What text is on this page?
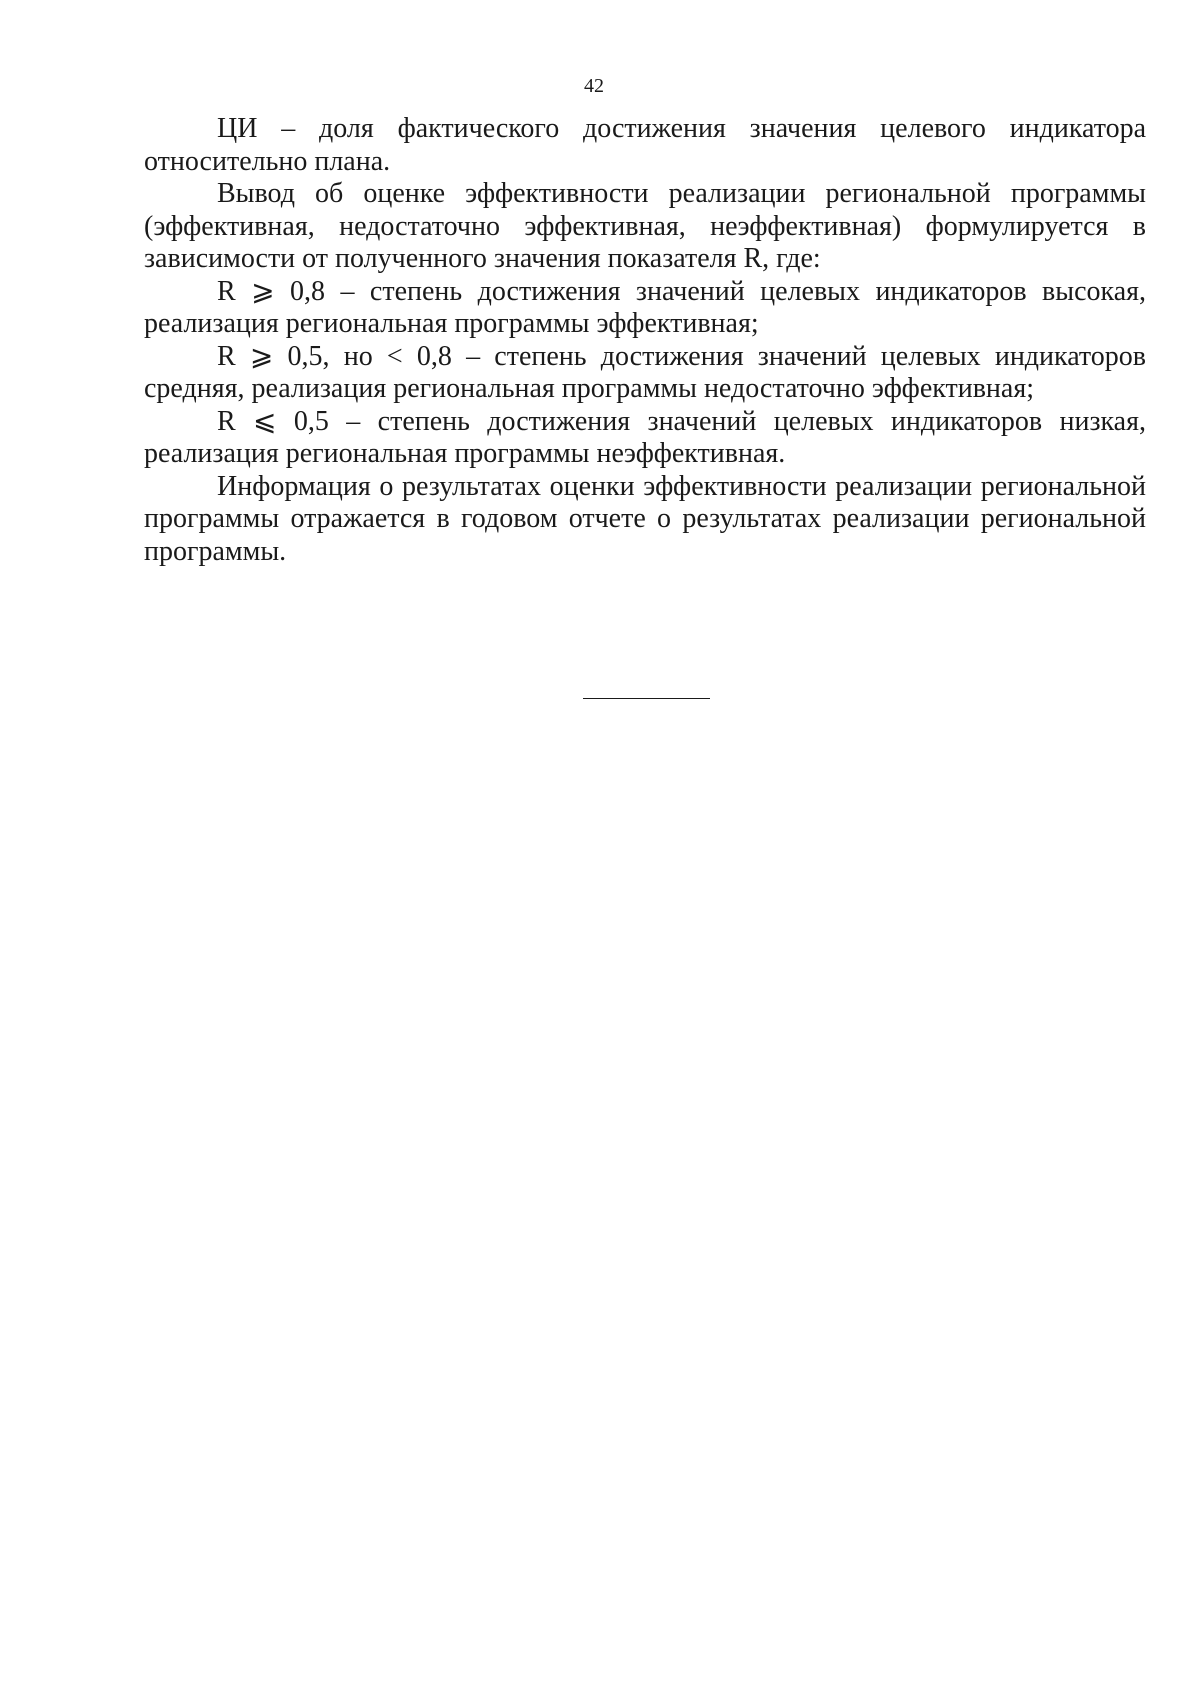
42

ЦИ – доля фактического достижения значения целевого индикатора относительно плана.

Вывод об оценке эффективности реализации региональной программы (эффективная, недостаточно эффективная, неэффективная) формулируется в зависимости от полученного значения показателя R, где:

R ⩾ 0,8 – степень достижения значений целевых индикаторов высокая, реализация региональная программы эффективная;

R ⩾ 0,5, но < 0,8 – степень достижения значений целевых индикаторов средняя, реализация региональная программы недостаточно эффективная;

R ⩽ 0,5 – степень достижения значений целевых индикаторов низкая, реализация региональная программы неэффективная.

Информация о результатах оценки эффективности реализации региональной программы отражается в годовом отчете о результатах реализации региональной программы.
